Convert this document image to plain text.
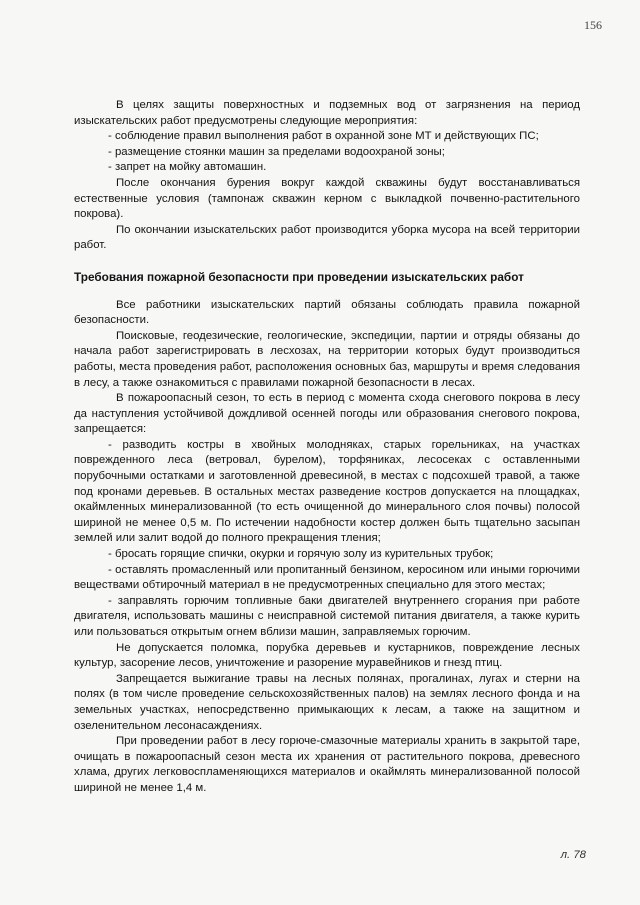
156

В целях защиты поверхностных и подземных вод от загрязнения на период изыскательских работ предусмотрены следующие мероприятия:

- соблюдение правил выполнения работ в охранной зоне МТ и действующих ПС;

- размещение стоянки машин за пределами водоохраной зоны;

- запрет на мойку автомашин.

После окончания бурения вокруг каждой скважины будут восстанавливаться естественные условия (тампонаж скважин керном с выкладкой почвенно-растительного покрова).

По окончании изыскательских работ производится уборка мусора на всей территории работ.

Требования пожарной безопасности при проведении изыскательских работ

Все работники изыскательских партий обязаны соблюдать правила пожарной безопасности.

Поисковые, геодезические, геологические, экспедиции, партии и отряды обязаны до начала работ зарегистрировать в лесхозах, на территории которых будут производиться работы, места проведения работ, расположения основных баз, маршруты и время следования в лесу, а также ознакомиться с правилами пожарной безопасности в лесах.

В пожароопасный сезон, то есть в период с момента схода снегового покрова в лесу да наступления устойчивой дождливой осенней погоды или образования снегового покрова, запрещается:

- разводить костры в хвойных молодняках, старых горельниках, на участках поврежденного леса (ветровал, бурелом), торфяниках, лесосеках с оставленными порубочными остатками и заготовленной древесиной, в местах с подсохшей травой, а также под кронами деревьев. В остальных местах разведение костров допускается на площадках, окаймленных минерализованной (то есть очищенной до минерального слоя почвы) полосой шириной не менее 0,5 м. По истечении надобности костер должен быть тщательно засыпан землей или залит водой до полного прекращения тления;

- бросать горящие спички, окурки и горячую золу из курительных трубок;

- оставлять промасленный или пропитанный бензином, керосином или иными горючими веществами обтирочный материал в не предусмотренных специально для этого местах;

- заправлять горючим топливные баки двигателей внутреннего сгорания при работе двигателя, использовать машины с неисправной системой питания двигателя, а также курить или пользоваться открытым огнем вблизи машин, заправляемых горючим.

Не допускается поломка, порубка деревьев и кустарников, повреждение лесных культур, засорение лесов, уничтожение и разорение муравейников и гнезд птиц.

Запрещается выжигание травы на лесных полянах, прогалинах, лугах и стерни на полях (в том числе проведение сельскохозяйственных палов) на землях лесного фонда и на земельных участках, непосредственно примыкающих к лесам, а также на защитном и озеленительном лесонасаждениях.

При проведении работ в лесу горюче-смазочные материалы хранить в закрытой таре, очищать в пожароопасный сезон места их хранения от растительного покрова, древесного хлама, других легковоспламеняющихся материалов и окаймлять минерализованной полосой шириной не менее 1,4 м.

л. 78
